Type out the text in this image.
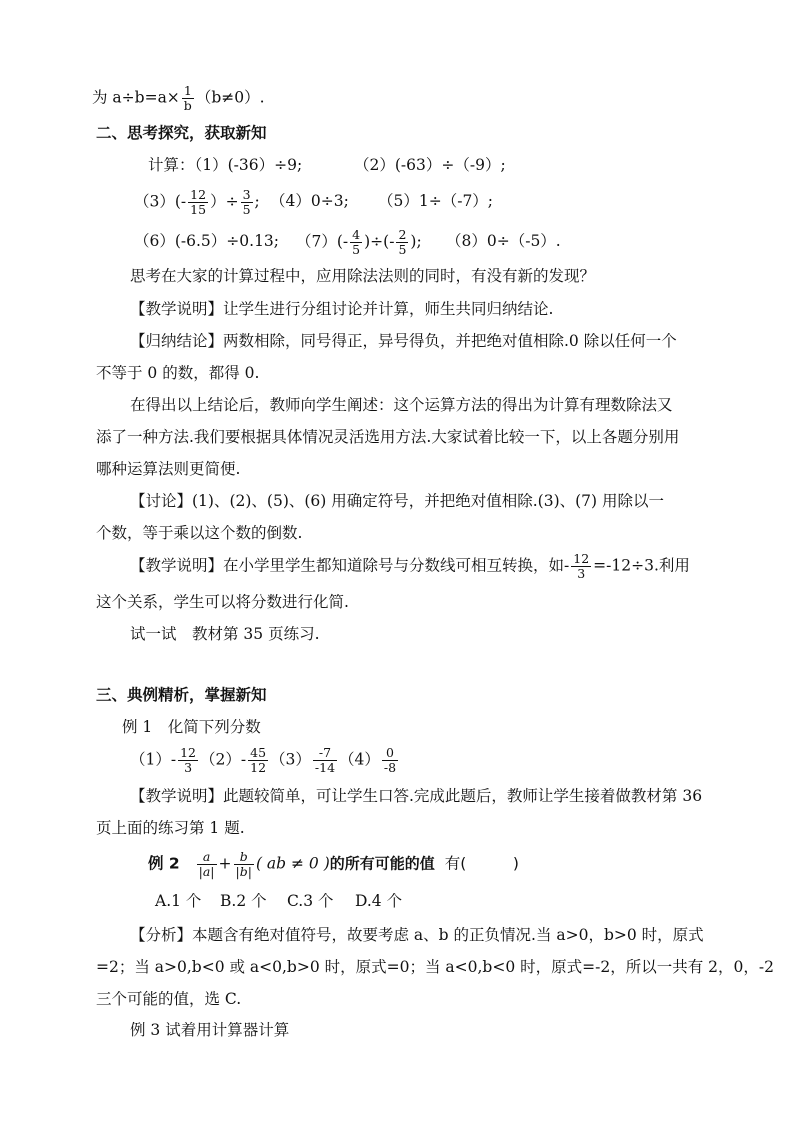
为 $a\div b=a\times \frac{1}{b} (b\ne 0)$.
二、思考探究，获取新知
计算：（1）(-36）÷9;	（2）(-63）÷（-9）;
$(3)(- \frac{12}{15}$ ）÷ $\frac{3}{5}$ ; （4）0÷3; （5）1÷（-7）;
（6）(-6.5）÷0.13; $(7)(- \frac{4}{5}$ )÷(- $\frac{2}{5}$ ); （8）0÷（-5）.
思考在大家的计算过程中，应用除法法则的同时，有没有新的发现？
【教学说明】让学生进行分组讨论并计算，师生共同归纳结论.
【归纳结论】两数相除，同号得正，异号得负，并把绝对值相除.0 除以任何一个
不等于 0 的数，都得 0.
在得出以上结论后，教师向学生阐述：这个运算方法的得出为计算有理数除法又
添了一种方法.我们要根据具体情况灵活选用方法.大家试着比较一下，以上各题分别用
哪种运算法则更简便.
【讨论】(1)、(2)、(5)、(6) 用确定符号，并把绝对值相除.(3)、(7) 用除以一
个数，等于乘以这个数的倒数.
【教学说明】在小学里学生都知道除号与分数线可相互转换，如- $\frac{12}{3} =-12\div 3$.利用
这个关系，学生可以将分数进行化简.
试一试　教材第 35 页练习.
三、典例精析，掌握新知
例 1　化简下列分数
$(1)- \frac{12}{3} (2)- \frac{45}{12} (3) \frac{-7}{-14} (4) \frac{0}{-8}$
【教学说明】此题较简单，可让学生口答.完成此题后，教师让学生接着做教材第 36
页上面的练习第 1 题.
例 $2 \frac{a}{|a|} + \frac{b}{|b|}$ ( ab ≠ 0 )的所有可能的值 有(　　　)
A.1 个 B.2 个 C.3 个 D.4 个
【分析】本题含有绝对值符号，故要考虑 a、b 的正负情况.当 a>0，b>0 时，原式
=2；当 a>0,b<0 或 a<0,b>0 时，原式=0；当 a<0,b<0 时，原式=-2，所以一共有 2，0，-2
三个可能的值，选 C.
例 3 试着用计算器计算
